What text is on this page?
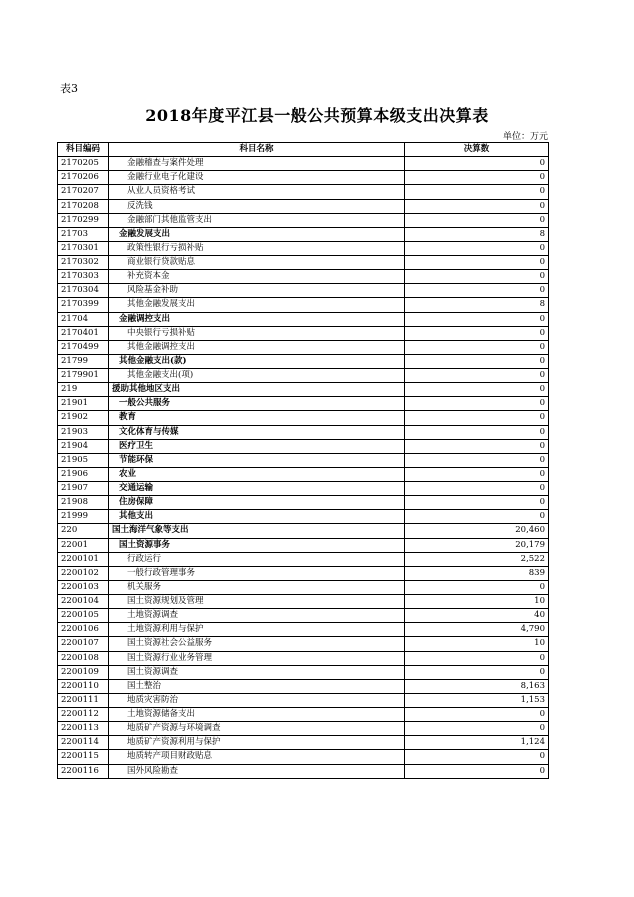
表3
2018年度平江县一般公共预算本级支出决算表
单位：万元
科目编码	科目名称	决算数
2170205	金融稽查与案件处理	0
2170206	金融行业电子化建设	0
2170207	从业人员资格考试	0
2170208	反洗钱	0
2170299	金融部门其他监管支出	0
21703	金融发展支出	8
2170301	政策性银行亏损补贴	0
2170302	商业银行贷款贴息	0
2170303	补充资本金	0
2170304	风险基金补助	0
2170399	其他金融发展支出	8
21704	金融调控支出	0
2170401	中央银行亏损补贴	0
2170499	其他金融调控支出	0
21799	其他金融支出(款)	0
2179901	其他金融支出(项)	0
219	援助其他地区支出	0
21901	一般公共服务	0
21902	教育	0
21903	文化体育与传媒	0
21904	医疗卫生	0
21905	节能环保	0
21906	农业	0
21907	交通运输	0
21908	住房保障	0
21999	其他支出	0
220	国土海洋气象等支出	20,460
22001	国土资源事务	20,179
2200101	行政运行	2,522
2200102	一般行政管理事务	839
2200103	机关服务	0
2200104	国土资源规划及管理	10
2200105	土地资源调查	40
2200106	土地资源利用与保护	4,790
2200107	国土资源社会公益服务	10
2200108	国土资源行业业务管理	0
2200109	国土资源调查	0
2200110	国土整治	8,163
2200111	地质灾害防治	1,153
2200112	土地资源储备支出	0
2200113	地质矿产资源与环境调查	0
2200114	地质矿产资源利用与保护	1,124
2200115	地质转产项目财政贴息	0
2200116	国外风险勘查	0
